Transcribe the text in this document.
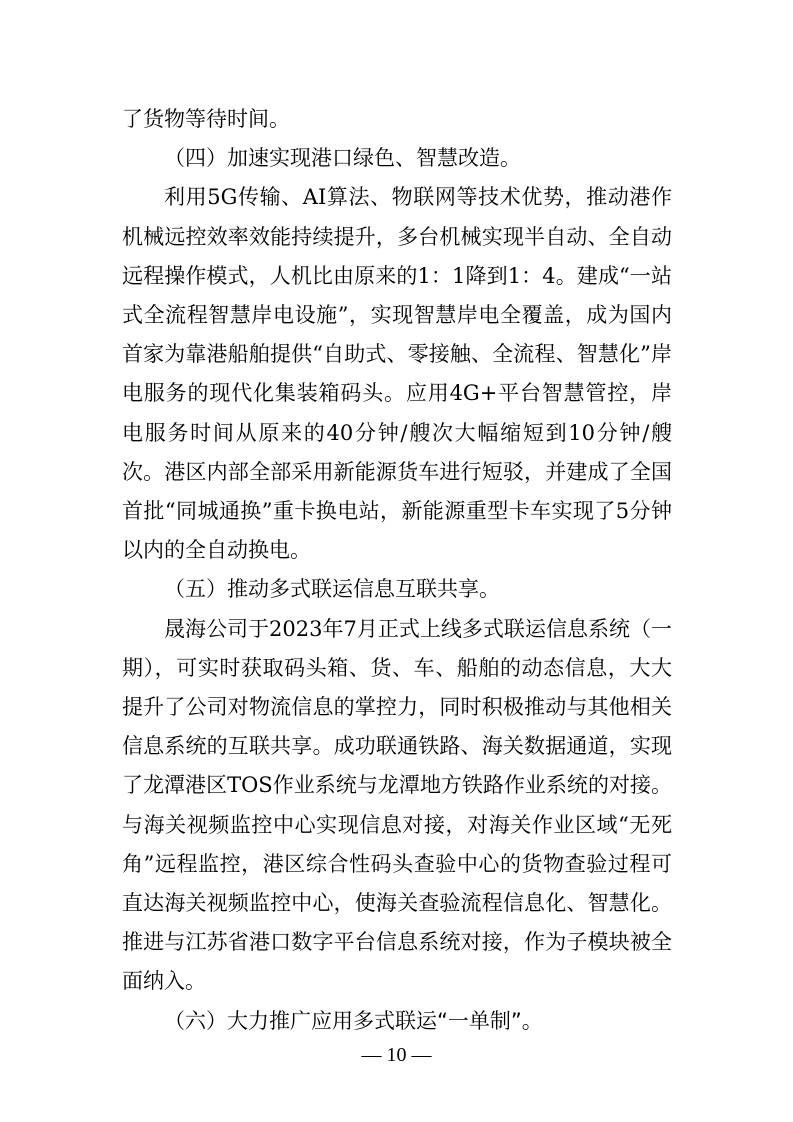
了货物等待时间。

（四）加速实现港口绿色、智慧改造。

利用5G传输、AI算法、物联网等技术优势，推动港作机械远控效率效能持续提升，多台机械实现半自动、全自动远程操作模式，人机比由原来的1：1降到1：4。建成“一站式全流程智慧岸电设施”，实现智慧岸电全覆盖，成为国内首家为靠港船舶提供“自助式、零接触、全流程、智慧化”岸电服务的现代化集装箱码头。应用4G+平台智慧管控，岸电服务时间从原来的40分钟/艘次大幅缩短到10分钟/艘次。港区内部全部采用新能源货车进行短驳，并建成了全国首批“同城通换”重卡换电站，新能源重型卡车实现了5分钟以内的全自动换电。

（五）推动多式联运信息互联共享。

晟海公司于2023年7月正式上线多式联运信息系统（一期），可实时获取码头箱、货、车、船舶的动态信息，大大提升了公司对物流信息的掌控力，同时积极推动与其他相关信息系统的互联共享。成功联通铁路、海关数据通道，实现了龙潭港区TOS作业系统与龙潭地方铁路作业系统的对接。与海关视频监控中心实现信息对接，对海关作业区域“无死角”远程监控，港区综合性码头查验中心的货物查验过程可直达海关视频监控中心，使海关查验流程信息化、智慧化。推进与江苏省港口数字平台信息系统对接，作为子模块被全面纳入。

（六）大力推广应用多式联运“一单制”。

— 10 —
